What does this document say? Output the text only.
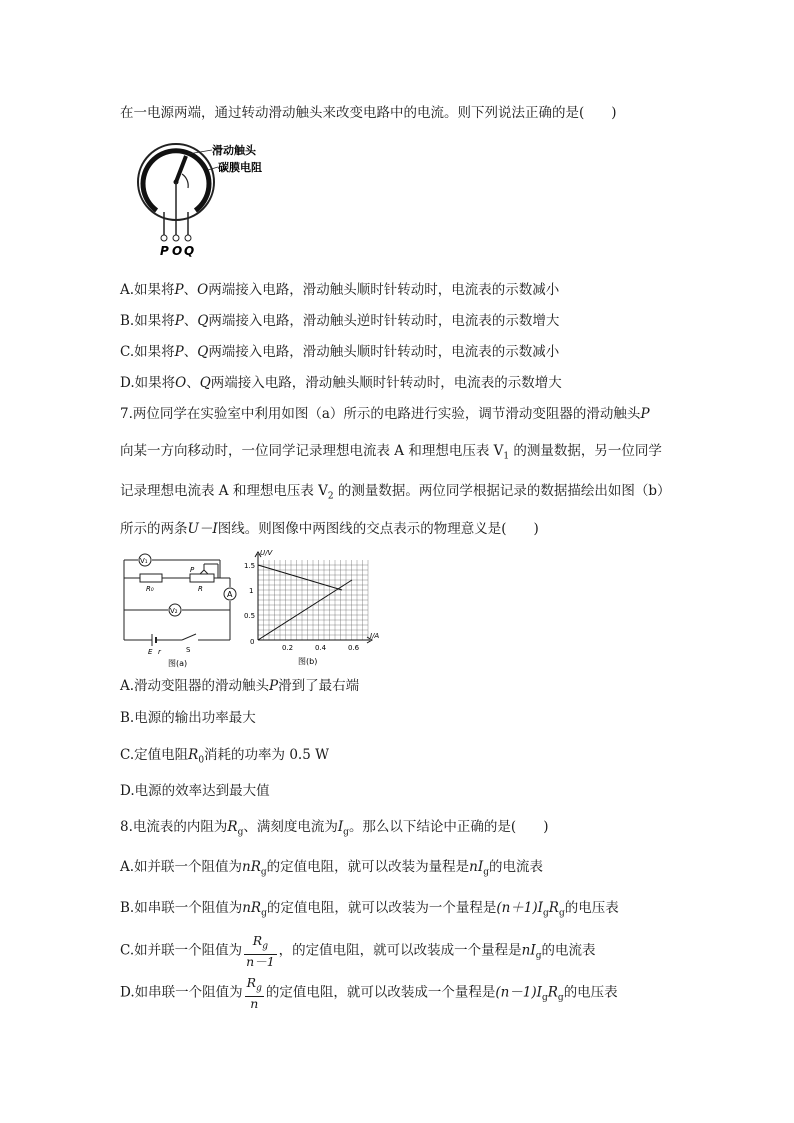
在一电源两端，通过转动滑动触头来改变电路中的电流。则下列说法正确的是(　　)
P O Q
滑动触头
碳膜电阻
A.如果将P、O两端接入电路，滑动触头顺时针转动时，电流表的示数减小
B.如果将P、Q两端接入电路，滑动触头逆时针转动时，电流表的示数增大
C.如果将P、Q两端接入电路，滑动触头顺时针转动时，电流表的示数减小
D.如果将O、Q两端接入电路，滑动触头顺时针转动时，电流表的示数增大
7.两位同学在实验室中利用如图（a）所示的电路进行实验，调节滑动变阻器的滑动触头P
向某一方向移动时，一位同学记录理想电流表 A 和理想电压表 $V_1$ 的测量数据，另一位同学
记录理想电流表 A 和理想电压表 $V_2$ 的测量数据。两位同学根据记录的数据描绘出如图（b）
所示的两条U－I图线。则图像中两图线的交点表示的物理意义是(　　)
V₁
V₂
A
R₀	R
P
E r	S
图(a)
U/V
I/A
1.5
1
0.5
0
0.2	0.4	0.6
图(b)
A.滑动变阻器的滑动触头P滑到了最右端
B.电源的输出功率最大
C.定值电阻$R_0$消耗的功率为 0.5 W
D.电源的效率达到最大值
8.电流表的内阻为$R_g$、满刻度电流为$I_g$。那么以下结论中正确的是(　　)
A.如并联一个阻值为$nR_g$的定值电阻，就可以改装为量程是$nI_g$的电流表
B.如串联一个阻值为$nR_g$的定值电阻，就可以改装为一个量程是$(n+1)I_gR_g$的电压表
C.如并联一个阻值为 $\frac{R_g}{n-1}$ ，的定值电阻，就可以改装成一个量程是$nI_g$的电流表
D.如串联一个阻值为 $\frac{R_g}{n}$ 的定值电阻，就可以改装成一个量程是$(n-1)I_gR_g$的电压表
